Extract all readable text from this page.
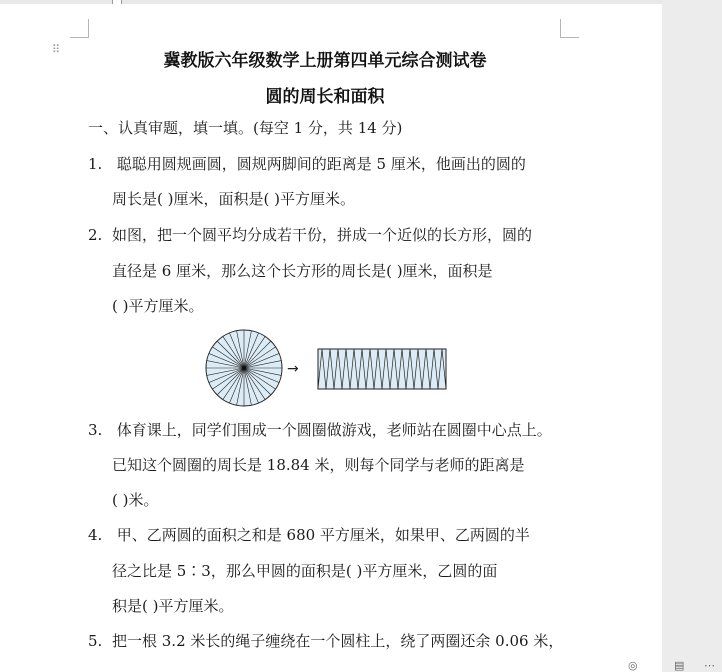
⠿
冀教版六年级数学上册第四单元综合测试卷
圆的周长和面积
一、认真审题，填一填。(每空 1 分，共 14 分)
1. 聪聪用圆规画圆，圆规两脚间的距离是 5 厘米，他画出的圆的
周长是( )厘米，面积是( )平方厘米。
2. 如图，把一个圆平均分成若干份，拼成一个近似的长方形，圆的
直径是 6 厘米，那么这个长方形的周长是( )厘米，面积是
( )平方厘米。
→
3. 体育课上，同学们围成一个圆圈做游戏，老师站在圆圈中心点上。
已知这个圆圈的周长是 18.84 米，则每个同学与老师的距离是
( )米。
4. 甲、乙两圆的面积之和是 680 平方厘米，如果甲、乙两圆的半
径之比是 5∶3，那么甲圆的面积是( )平方厘米，乙圆的面
积是( )平方厘米。
5. 把一根 3.2 米长的绳子缠绕在一个圆柱上，绕了两圈还余 0.06 米，
◎	▤ ⋯
